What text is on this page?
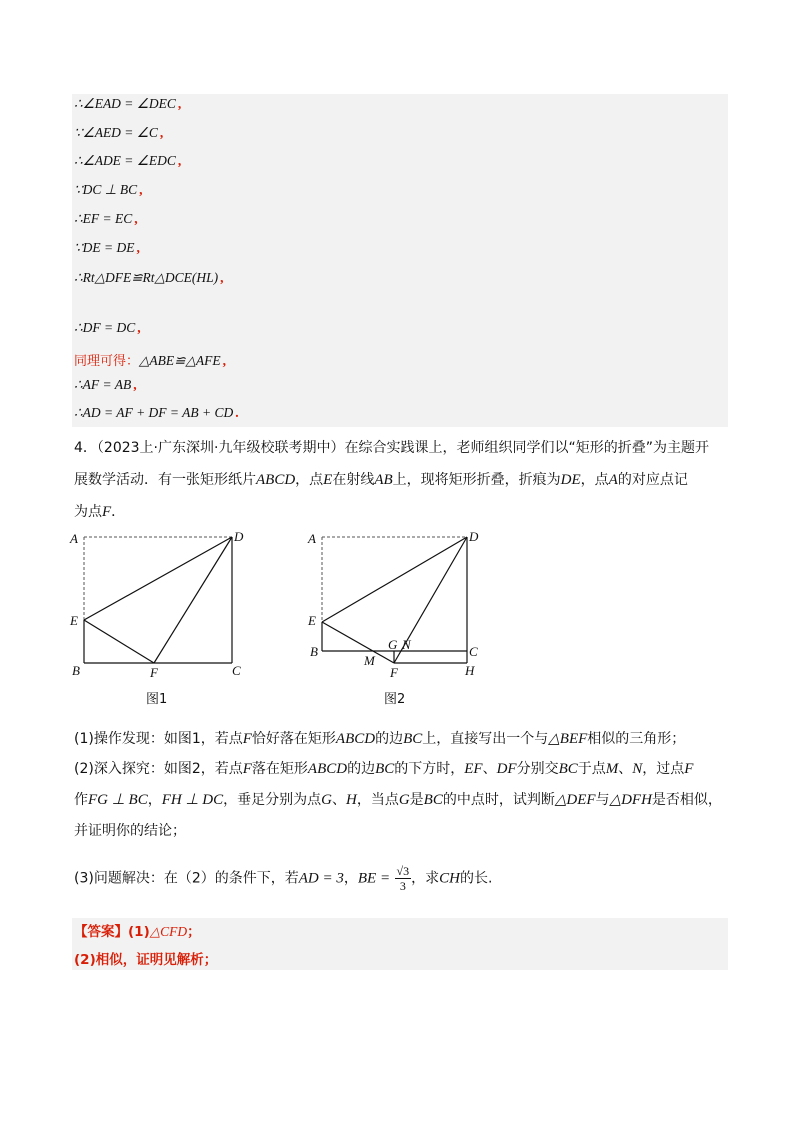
∴∠EAD = ∠DEC ,
∵∠AED = ∠C ,
∴∠ADE = ∠EDC ,
∵DC ⊥ BC ,
∴EF = EC ,
∵DE = DE ,
∴Rt△DFE≌Rt△DCE(HL) ,
∴DF = DC ,
同理可得：△ABE≌△AFE ,
∴AF = AB ,
∴AD = AF + DF = AB + CD .
4．（2023上·广东深圳·九年级校联考期中）在综合实践课上，老师组织同学们以“矩形的折叠”为主题开
展数学活动．有一张矩形纸片ABCD，点E在射线AB上，现将矩形折叠，折痕为DE，点A的对应点记
为点F．
A	D
E
B	F	C
图1
A	D
E
B	G N	C
M
F	H
图2
(1)操作发现：如图1，若点F恰好落在矩形ABCD的边BC上，直接写出一个与△BEF相似的三角形；
(2)深入探究：如图2，若点F落在矩形ABCD的边BC的下方时，EF、DF分别交BC于点M、N，过点F
作FG ⊥ BC，FH ⊥ DC，垂足分别为点G、H，当点G是BC的中点时，试判断△DEF与△DFH是否相似，
并证明你的结论；
(3)问题解决：在（2）的条件下，若AD = 3，BE = $\frac{√3}{3}$ ，求CH的长.
【答案】(1)△CFD；
(2)相似，证明见解析；
